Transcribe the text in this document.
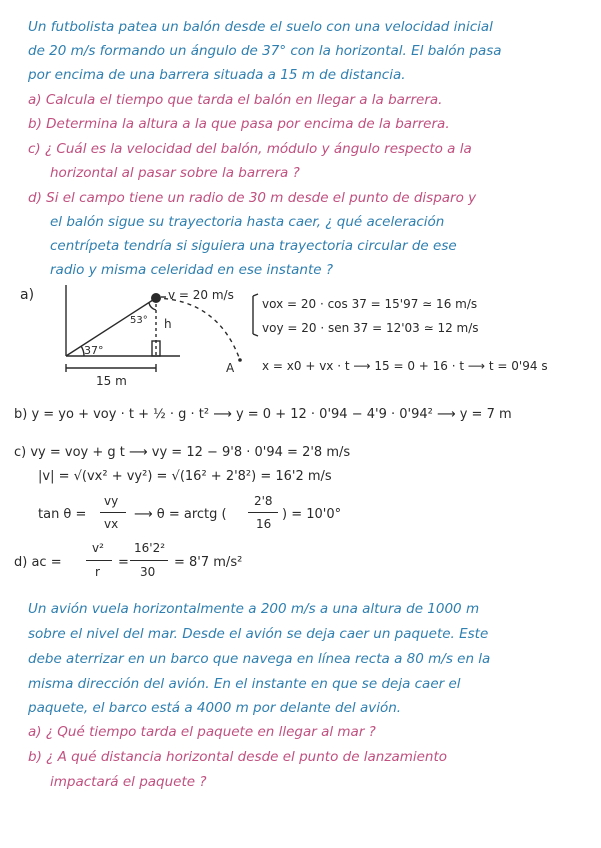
Un futbolista patea un balón desde el suelo con una velocidad inicial
de 20 m/s formando un ángulo de 37° con la horizontal. El balón pasa
por encima de una barrera situada a 15 m de distancia.
a) Calcula el tiempo que tarda el balón en llegar a la barrera.
b) Determina la altura a la que pasa por encima de la barrera.
c) ¿ Cuál es la velocidad del balón, módulo y ángulo respecto a la
horizontal al pasar sobre la barrera ?
d) Si el campo tiene un radio de 30 m desde el punto de disparo y
el balón sigue su trayectoria hasta caer, ¿ qué aceleración
centrípeta tendría si siguiera una trayectoria circular de ese
radio y misma celeridad en ese instante ?
a)	v = 20 m/s
53° h
37°
A
15 m
vox = 20 · cos 37 = 15'97 ≃ 16 m/s
voy = 20 · sen 37 = 12'03 ≃ 12 m/s
x = x0 + vx · t ⟶ 15 = 0 + 16 · t ⟶ t = 0'94 s
b) y = yo + voy · t + ½ · g · t² ⟶ y = 0 + 12 · 0'94 − 4'9 · 0'94² ⟶ y = 7 m
c) vy = voy + g t ⟶ vy = 12 − 9'8 · 0'94 = 2'8 m/s
|v| = √(vx² + vy²) = √(16² + 2'8²) = 16'2 m/s
tan θ =
vy
vx
⟶ θ = arctg (
2'8
16
) = 10'0°
d) ac =
v²
r
=
16'2²
30
= 8'7 m/s²
Un avión vuela horizontalmente a 200 m/s a una altura de 1000 m
sobre el nivel del mar. Desde el avión se deja caer un paquete. Este
debe aterrizar en un barco que navega en línea recta a 80 m/s en la
misma dirección del avión. En el instante en que se deja caer el
paquete, el barco está a 4000 m por delante del avión.
a) ¿ Qué tiempo tarda el paquete en llegar al mar ?
b) ¿ A qué distancia horizontal desde el punto de lanzamiento
impactará el paquete ?
